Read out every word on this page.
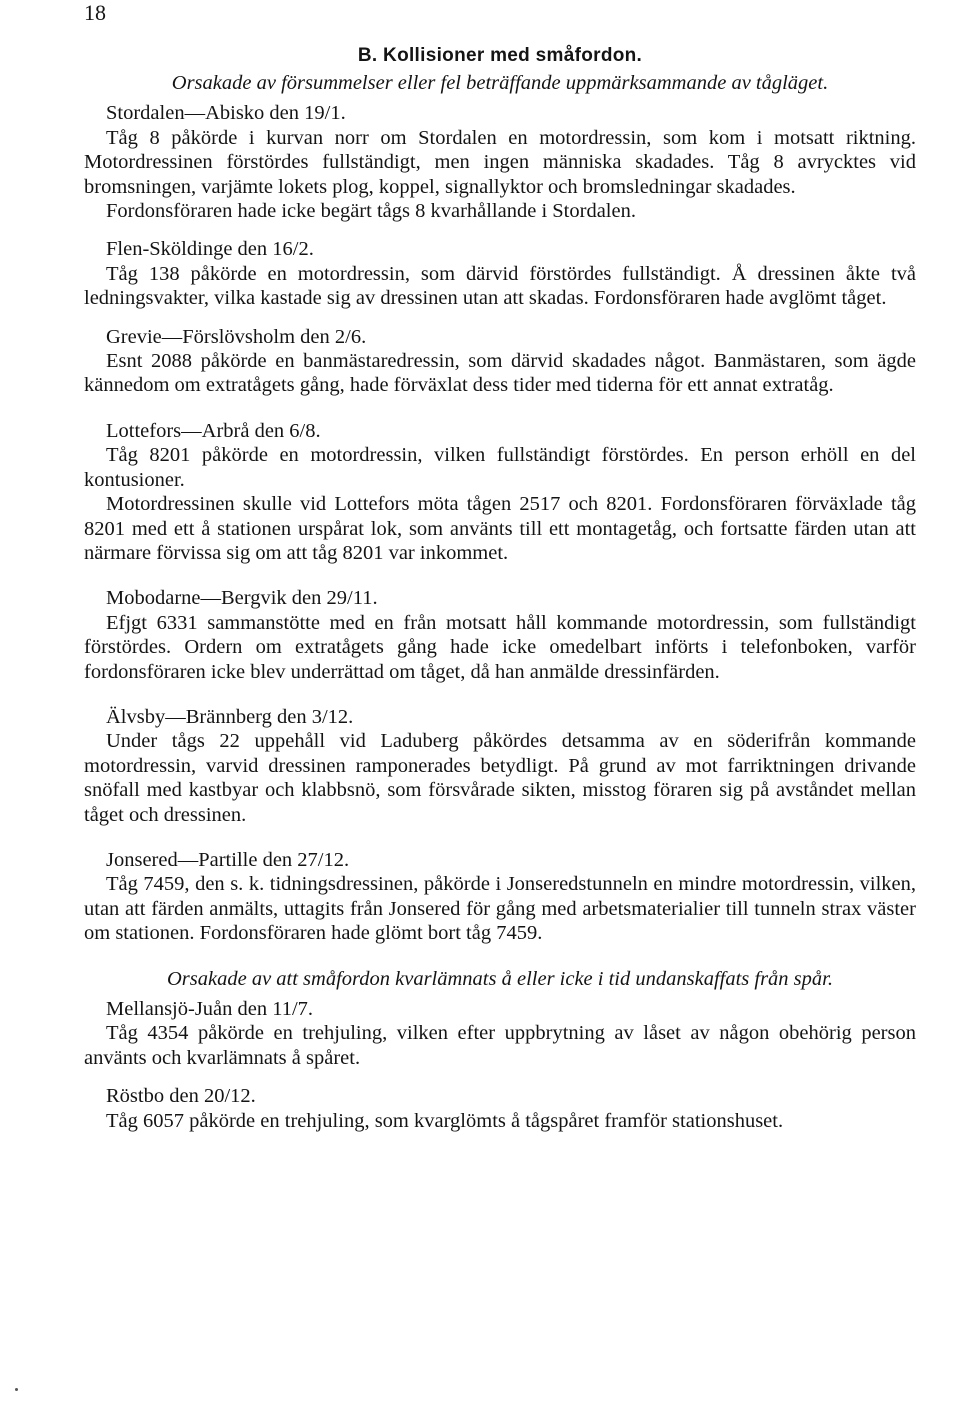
18
B. Kollisioner med småfordon.
Orsakade av försummelser eller fel beträffande uppmärksammande av tågläget.
Stordalen—Abisko den 19/1.

Tåg 8 påkörde i kurvan norr om Stordalen en motordressin, som kom i motsatt riktning. Motordressinen förstördes fullständigt, men ingen människa skadades. Tåg 8 avrycktes vid bromsningen, varjämte lokets plog, koppel, signallyktor och bromsledningar skadades.

Fordonsföraren hade icke begärt tågs 8 kvarhållande i Stordalen.

Flen-Sköldinge den 16/2.

Tåg 138 påkörde en motordressin, som därvid förstördes fullständigt. Å dressinen åkte två ledningsvakter, vilka kastade sig av dressinen utan att skadas. Fordonsföraren hade avglömt tåget.

Grevie—Förslövsholm den 2/6.

Esnt 2088 påkörde en banmästaredressin, som därvid skadades något. Banmästaren, som ägde kännedom om extratågets gång, hade förväxlat dess tider med tiderna för ett annat extratåg.

Lottefors—Arbrå den 6/8.

Tåg 8201 påkörde en motordressin, vilken fullständigt förstördes. En person erhöll en del kontusioner.

Motordressinen skulle vid Lottefors möta tågen 2517 och 8201. Fordonsföraren förväxlade tåg 8201 med ett å stationen urspårat lok, som använts till ett montagetåg, och fortsatte färden utan att närmare förvissa sig om att tåg 8201 var inkommet.

Mobodarne—Bergvik den 29/11.

Efjgt 6331 sammanstötte med en från motsatt håll kommande motordressin, som fullständigt förstördes. Ordern om extratågets gång hade icke omedelbart införts i telefonboken, varför fordonsföraren icke blev underrättad om tåget, då han anmälde dressinfärden.

Älvsby—Brännberg den 3/12.

Under tågs 22 uppehåll vid Laduberg påkördes detsamma av en söderifrån kommande motordressin, varvid dressinen ramponerades betydligt. På grund av mot farriktningen drivande snöfall med kastbyar och klabbsnö, som försvårade sikten, misstog föraren sig på avståndet mellan tåget och dressinen.

Jonsered—Partille den 27/12.

Tåg 7459, den s. k. tidningsdressinen, påkörde i Jonseredstunneln en mindre motordressin, vilken, utan att färden anmälts, uttagits från Jonsered för gång med arbetsmaterialier till tunneln strax väster om stationen. Fordonsföraren hade glömt bort tåg 7459.

Orsakade av att småfordon kvarlämnats å eller icke i tid undanskaffats från spår.
Mellansjö-Juån den 11/7.

Tåg 4354 påkörde en trehjuling, vilken efter uppbrytning av låset av någon obehörig person använts och kvarlämnats å spåret.

Röstbo den 20/12.

Tåg 6057 påkörde en trehjuling, som kvarglömts å tågspåret framför stationshuset.
